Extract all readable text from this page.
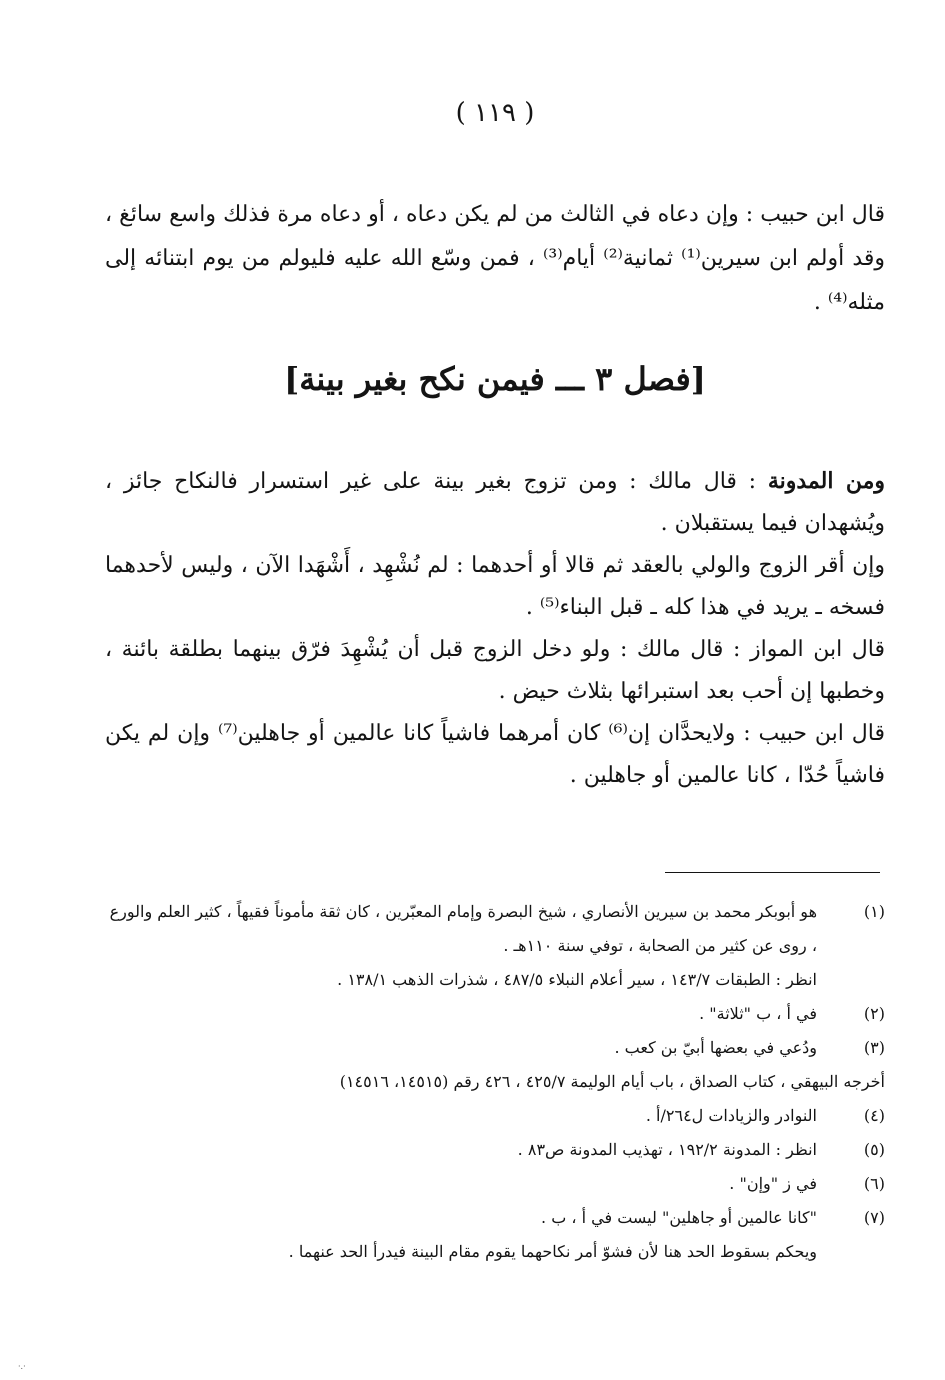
( ١١٩ )
قال ابن حبيب : وإن دعاه في الثالث من لم يكن دعاه ، أو دعاه مرة فذلك واسع سائغ ، وقد أولم ابن سيرين⁽¹⁾ ثمانية⁽²⁾ أيام⁽³⁾ ، فمن وسّع الله عليه فليولم من يوم ابتنائه إلى مثله⁽⁴⁾ .
[فصل ٣ ـــ فيمن نكح بغير بينة]

ومن المدونة : قال مالك : ومن تزوج بغير بينة على غير استسرار فالنكاح جائز ، ويُشهدان فيما يستقبلان .

وإن أقر الزوج والولي بالعقد ثم قالا أو أحدهما : لم نُشْهِد ، أَشْهَدا الآن ، وليس لأحدهما فسخه ـ يريد في هذا كله ـ قبل البناء⁽⁵⁾ .

قال ابن المواز : قال مالك : ولو دخل الزوج قبل أن يُشْهِدَ فرّق بينهما بطلقة بائنة ، وخطبها إن أحب بعد استبرائها بثلاث حيض .

قال ابن حبيب : ولايحدَّان إن⁽⁶⁾ كان أمرهما فاشياً كانا عالمين أو جاهلين⁽⁷⁾ وإن لم يكن فاشياً حُدّا ، كانا عالمين أو جاهلين .

(١)
هو أبوبكر محمد بن سيرين الأنصاري ، شيخ البصرة وإمام المعبّرين ، كان ثقة مأموناً فقيهاً ، كثير العلم والورع ، روى عن كثير من الصحابة ، توفي سنة ١١٠هـ .
انظر : الطبقات ١٤٣/٧ ، سير أعلام النبلاء ٤٨٧/٥ ، شذرات الذهب ١٣٨/١ .
(٢)
في أ ، ب "ثلاثة" .
(٣)
ودُعي في بعضها أبيّ بن كعب .
أخرجه البيهقي ، كتاب الصداق ، باب أيام الوليمة ٤٢٥/٧ ، ٤٢٦ رقم (١٤٥١٥، ١٤٥١٦)
(٤)
النوادر والزيادات ل٢٦٤/أ .
(٥)
انظر : المدونة ١٩٢/٢ ، تهذيب المدونة ص٨٣ .
(٦)
في ز "وإن" .
(٧)
"كانا عالمين أو جاهلين" ليست في أ ، ب .
ويحكم بسقوط الحد هنا لأن فشوّ أمر نكاحهما يقوم مقام البينة فيدرأ الحد عنهما .
·.·
